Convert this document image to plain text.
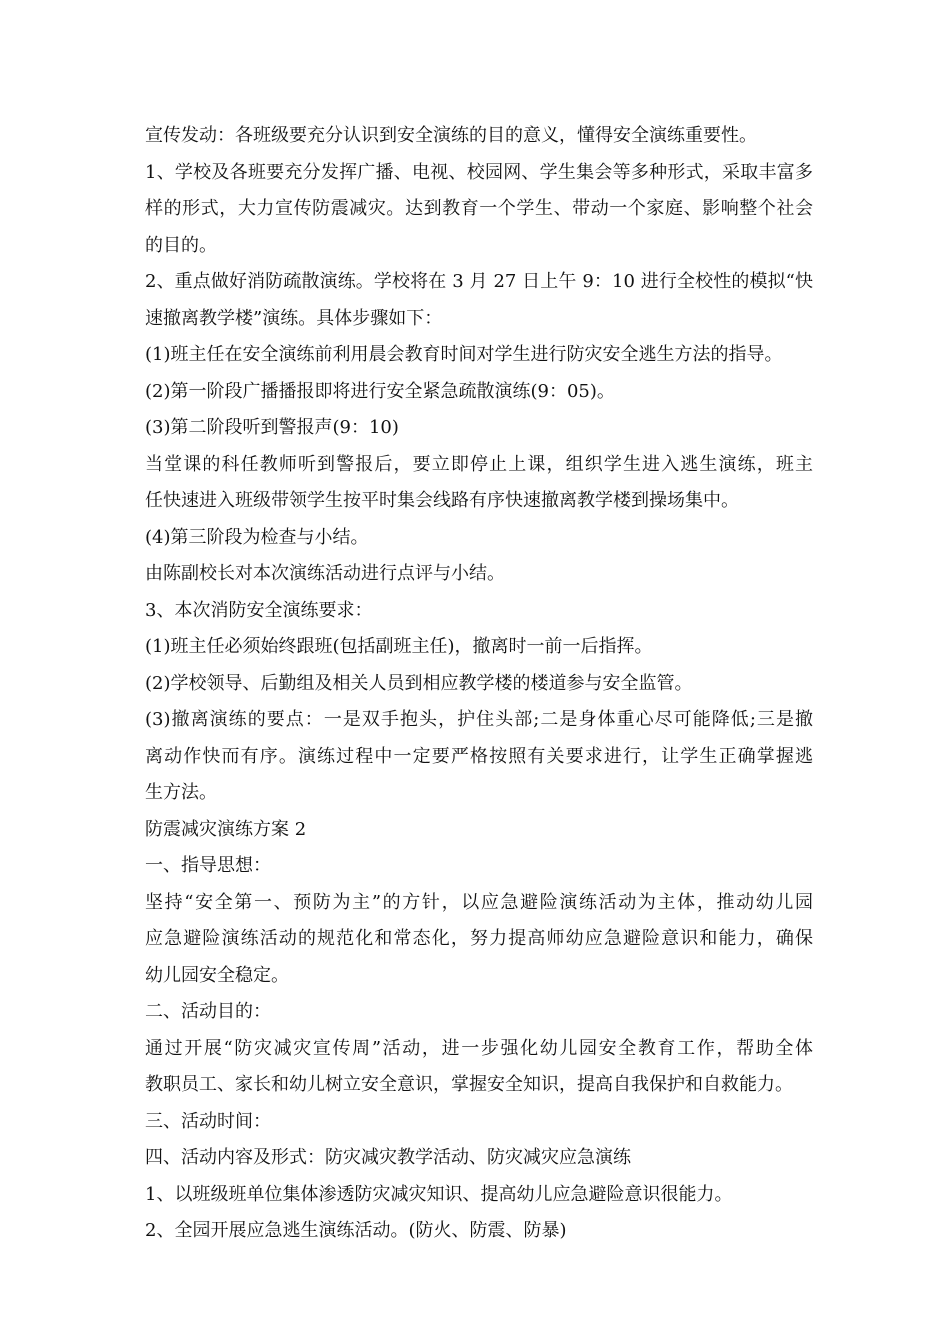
宣传发动：各班级要充分认识到安全演练的目的意义，懂得安全演练重要性。
1、学校及各班要充分发挥广播、电视、校园网、学生集会等多种形式，采取丰富多
样的形式，大力宣传防震减灾。达到教育一个学生、带动一个家庭、影响整个社会
的目的。
2、重点做好消防疏散演练。学校将在 3 月 27 日上午 9：10 进行全校性的模拟“快
速撤离教学楼”演练。具体步骤如下：
(1)班主任在安全演练前利用晨会教育时间对学生进行防灾安全逃生方法的指导。
(2)第一阶段广播播报即将进行安全紧急疏散演练(9：05)。
(3)第二阶段听到警报声(9：10)
当堂课的科任教师听到警报后，要立即停止上课，组织学生进入逃生演练，班主
任快速进入班级带领学生按平时集会线路有序快速撤离教学楼到操场集中。
(4)第三阶段为检查与小结。
由陈副校长对本次演练活动进行点评与小结。
3、本次消防安全演练要求：
(1)班主任必须始终跟班(包括副班主任)，撤离时一前一后指挥。
(2)学校领导、后勤组及相关人员到相应教学楼的楼道参与安全监管。
(3)撤离演练的要点：一是双手抱头，护住头部;二是身体重心尽可能降低;三是撤
离动作快而有序。演练过程中一定要严格按照有关要求进行，让学生正确掌握逃
生方法。
防震减灾演练方案 2
一、指导思想：
坚持“安全第一、预防为主”的方针，以应急避险演练活动为主体，推动幼儿园
应急避险演练活动的规范化和常态化，努力提高师幼应急避险意识和能力，确保
幼儿园安全稳定。
二、活动目的：
通过开展“防灾减灾宣传周”活动，进一步强化幼儿园安全教育工作，帮助全体
教职员工、家长和幼儿树立安全意识，掌握安全知识，提高自我保护和自救能力。
三、活动时间：
四、活动内容及形式：防灾减灾教学活动、防灾减灾应急演练
1、以班级班单位集体渗透防灾减灾知识、提高幼儿应急避险意识很能力。
2、全园开展应急逃生演练活动。(防火、防震、防暴)
